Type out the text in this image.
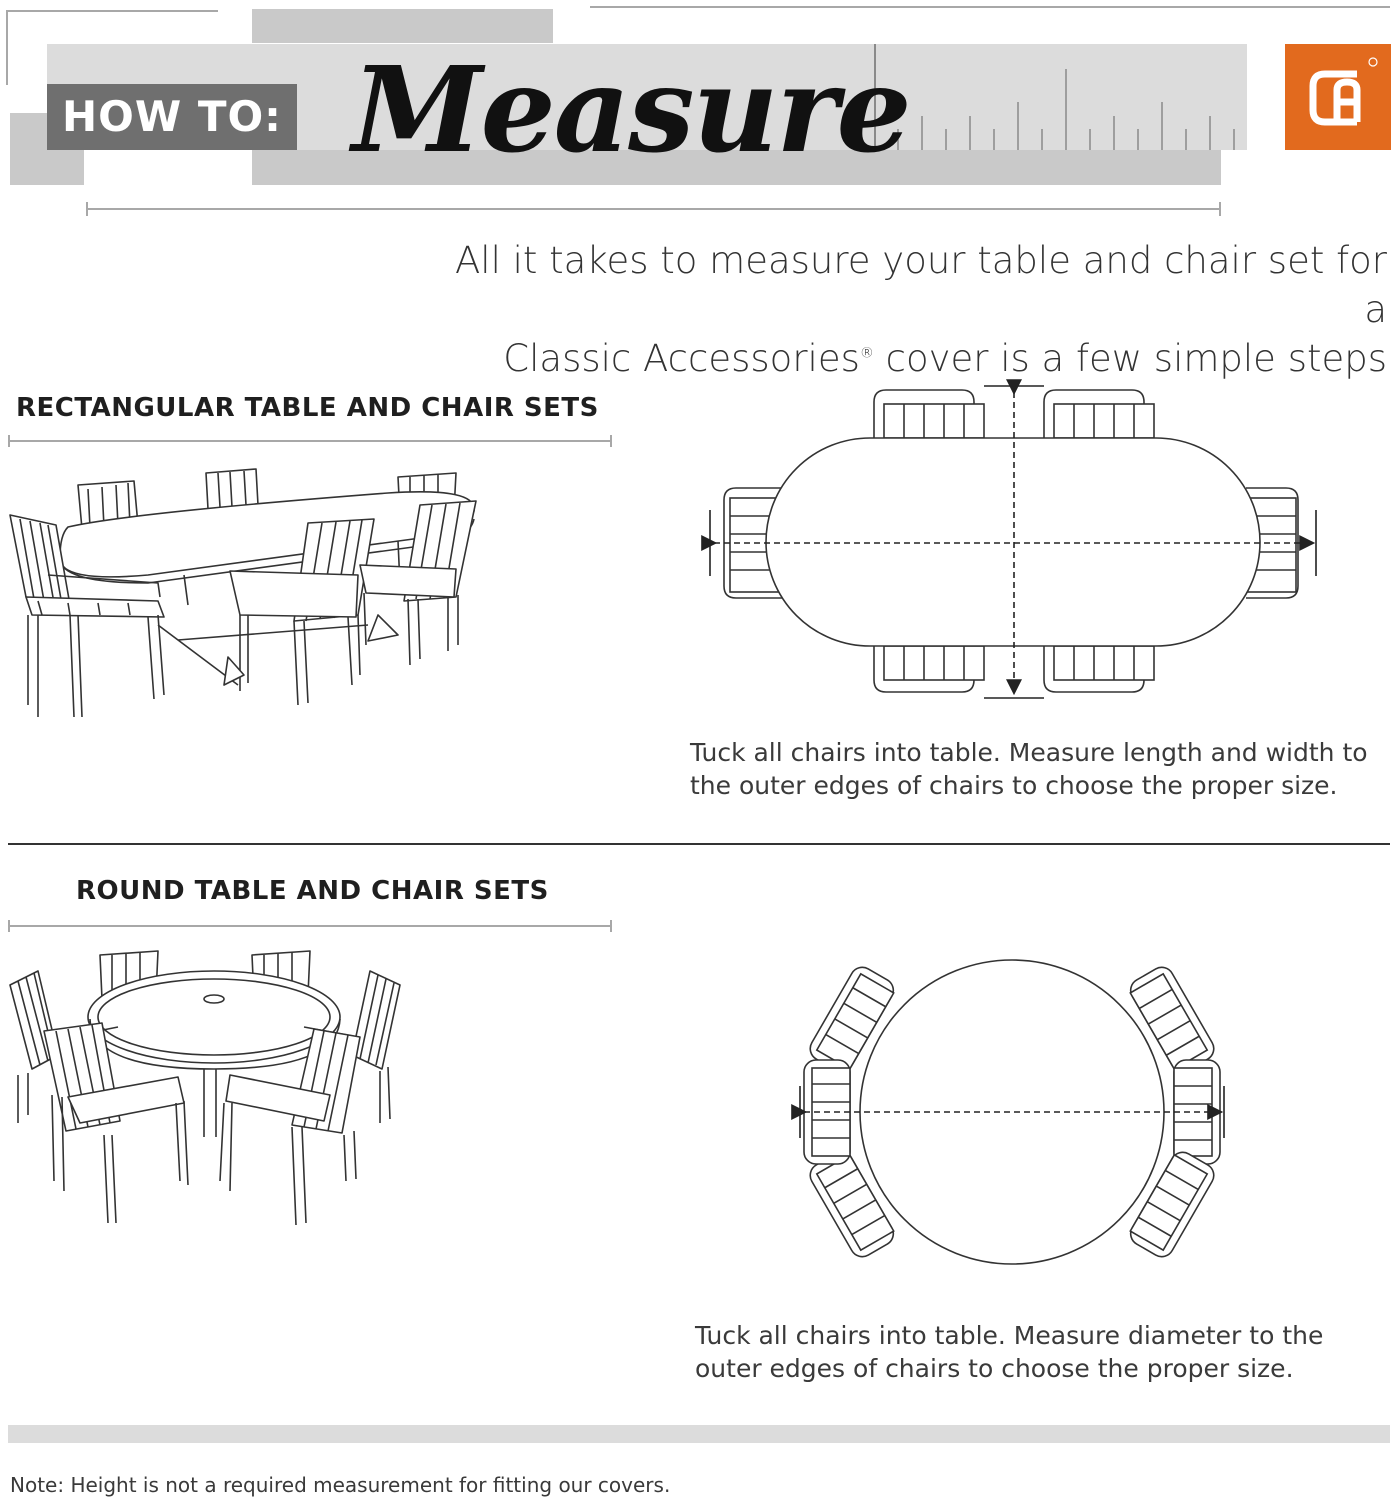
HOW TO: Measure
All it takes to measure your table and chair set for a
Classic Accessories® cover is a few simple steps
RECTANGULAR TABLE AND CHAIR SETS
Tuck all chairs into table. Measure length and width to
the outer edges of chairs to choose the proper size.
ROUND TABLE AND CHAIR SETS
Tuck all chairs into table. Measure diameter to the
outer edges of chairs to choose the proper size.
Note: Height is not a required measurement for fitting our covers.
